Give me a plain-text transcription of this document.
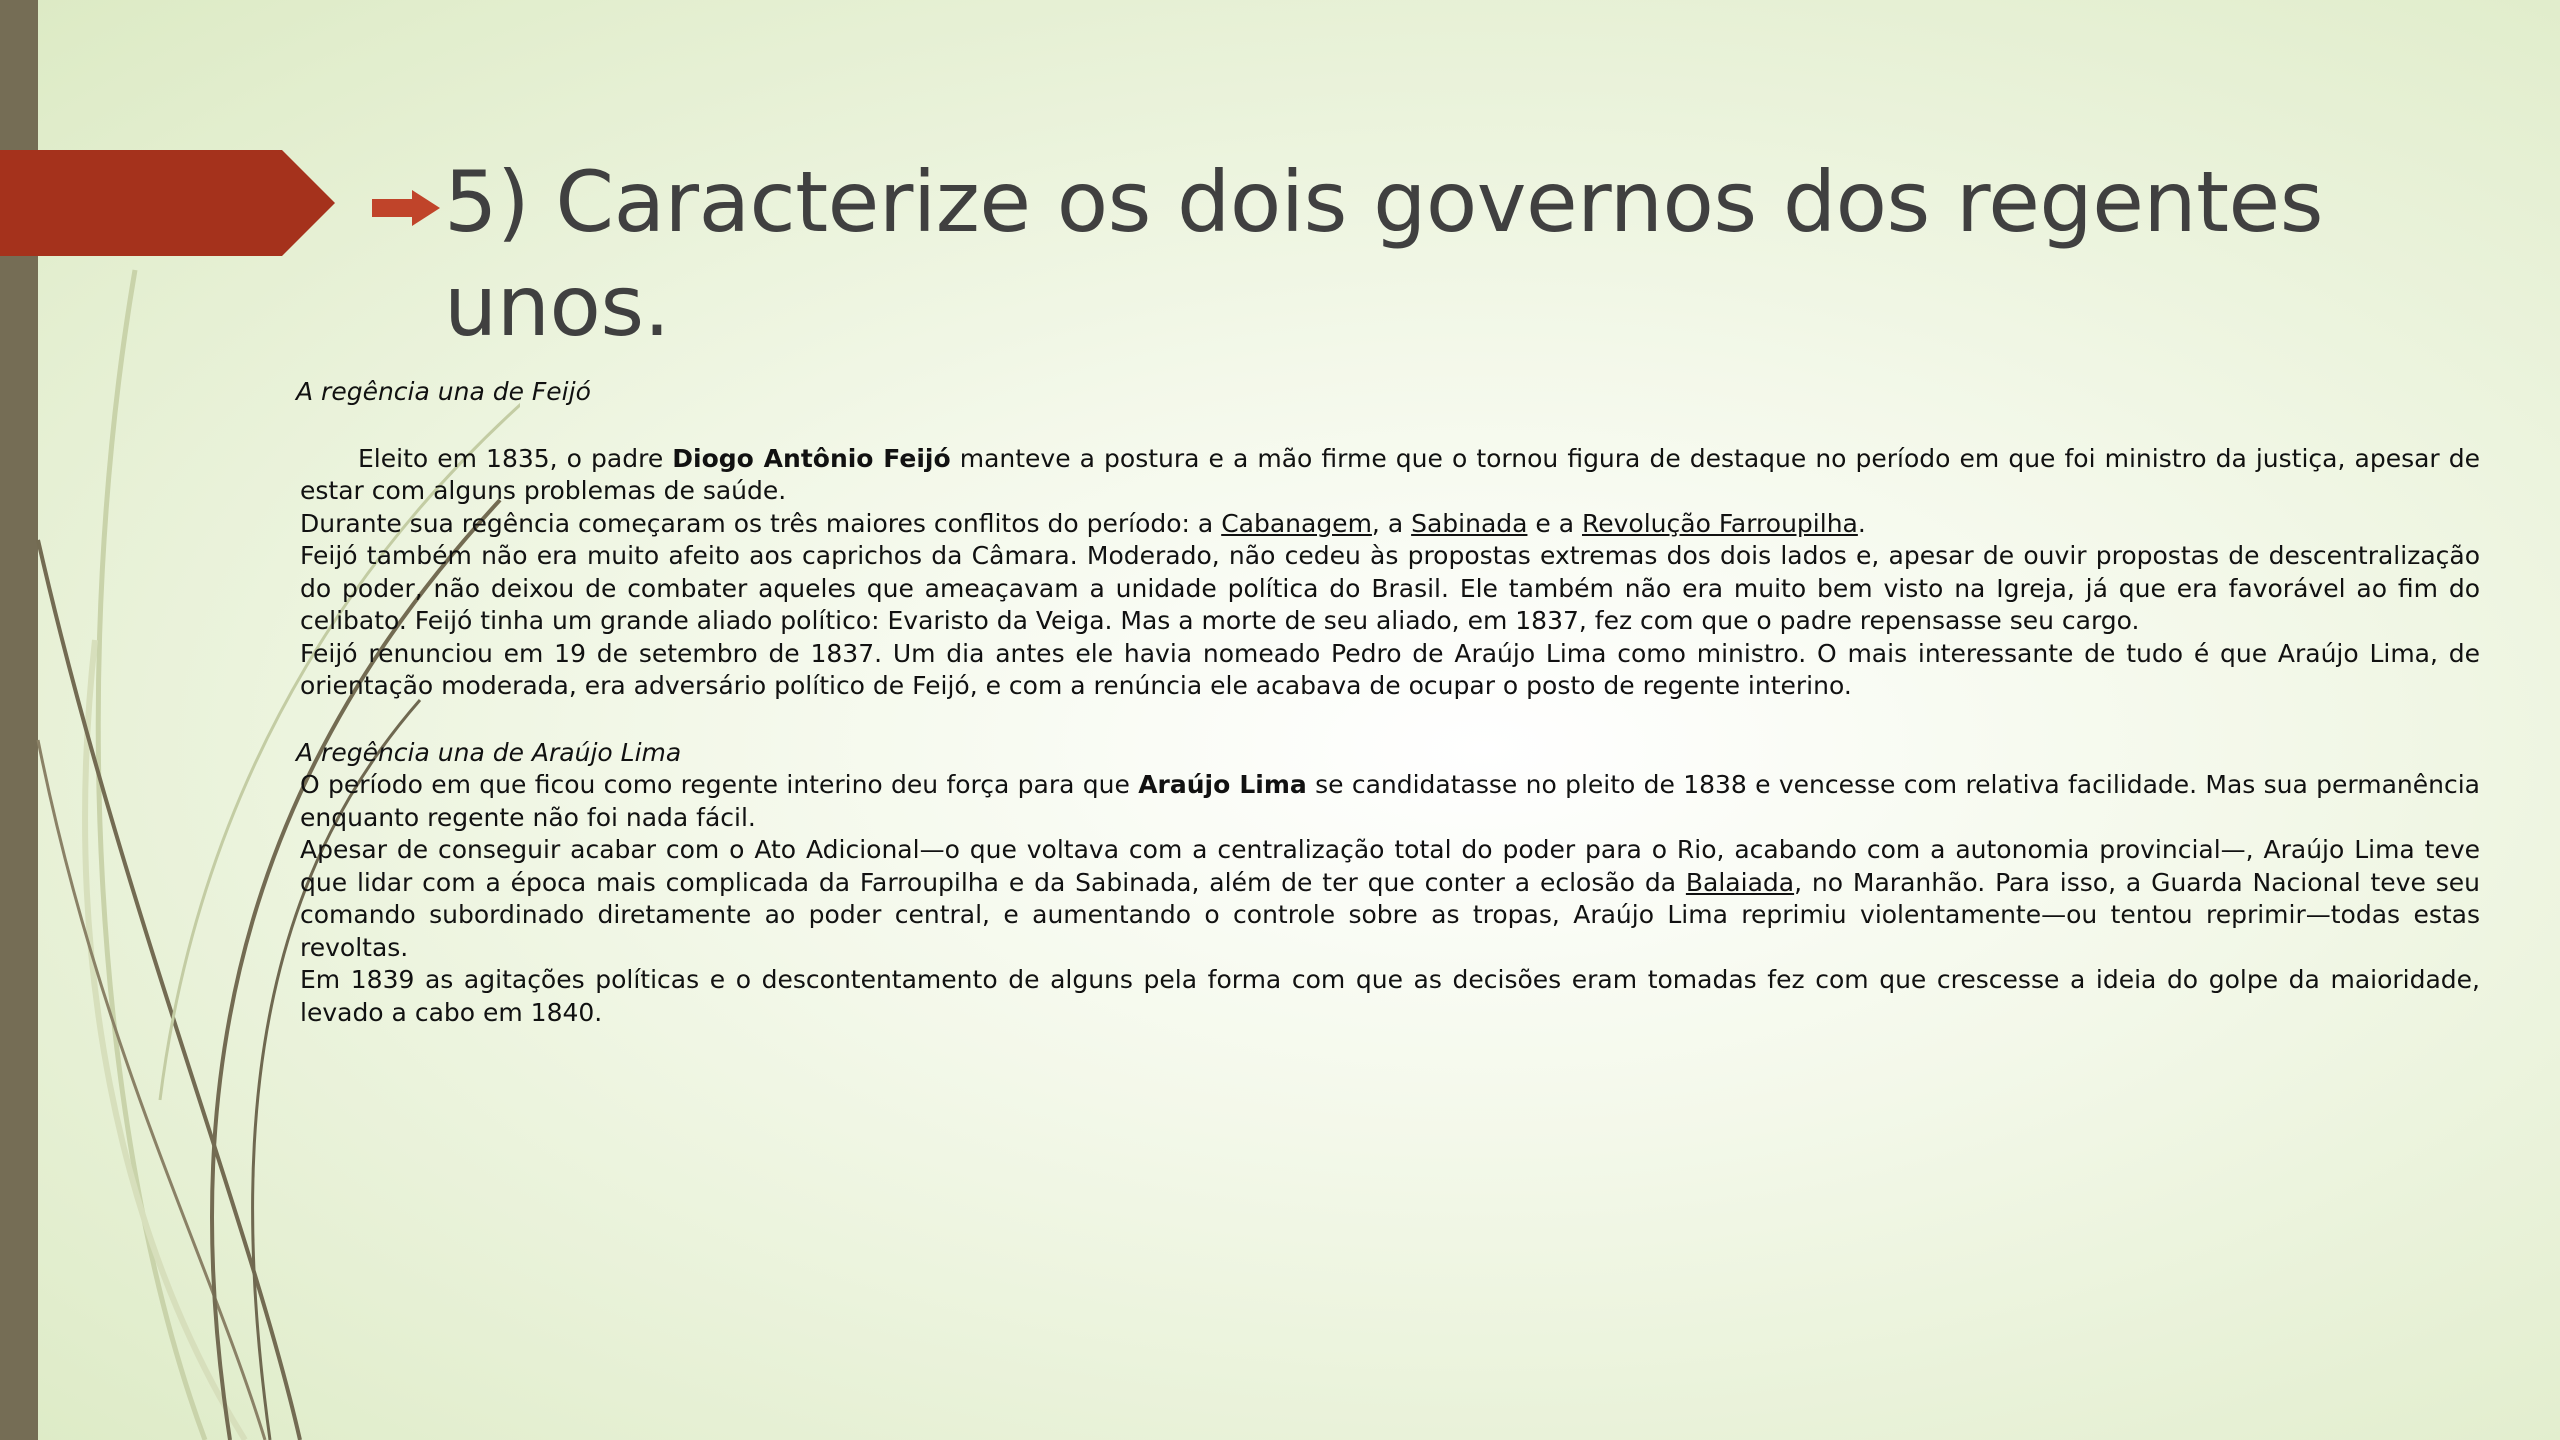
5) Caracterize os dois governos dos regentes unos.

A regência una de Feijó

Eleito em 1835, o padre Diogo Antônio Feijó manteve a postura e a mão firme que o tornou figura de destaque no período em que foi ministro da justiça, apesar de estar com alguns problemas de saúde.

Durante sua regência começaram os três maiores conflitos do período: a Cabanagem, a Sabinada e a Revolução Farroupilha.

Feijó também não era muito afeito aos caprichos da Câmara. Moderado, não cedeu às propostas extremas dos dois lados e, apesar de ouvir propostas de descentralização do poder, não deixou de combater aqueles que ameaçavam a unidade política do Brasil. Ele também não era muito bem visto na Igreja, já que era favorável ao fim do celibato. Feijó tinha um grande aliado político: Evaristo da Veiga. Mas a morte de seu aliado, em 1837, fez com que o padre repensasse seu cargo.

Feijó renunciou em 19 de setembro de 1837. Um dia antes ele havia nomeado Pedro de Araújo Lima como ministro. O mais interessante de tudo é que Araújo Lima, de orientação moderada, era adversário político de Feijó, e com a renúncia ele acabava de ocupar o posto de regente interino.

A regência una de Araújo Lima

O período em que ficou como regente interino deu força para que Araújo Lima se candidatasse no pleito de 1838 e vencesse com relativa facilidade. Mas sua permanência enquanto regente não foi nada fácil.

Apesar de conseguir acabar com o Ato Adicional—o que voltava com a centralização total do poder para o Rio, acabando com a autonomia provincial—, Araújo Lima teve que lidar com a época mais complicada da Farroupilha e da Sabinada, além de ter que conter a eclosão da Balaiada, no Maranhão. Para isso, a Guarda Nacional teve seu comando subordinado diretamente ao poder central, e aumentando o controle sobre as tropas, Araújo Lima reprimiu violentamente—ou tentou reprimir—todas estas revoltas.

Em 1839 as agitações políticas e o descontentamento de alguns pela forma com que as decisões eram tomadas fez com que crescesse a ideia do golpe da maioridade, levado a cabo em 1840.
